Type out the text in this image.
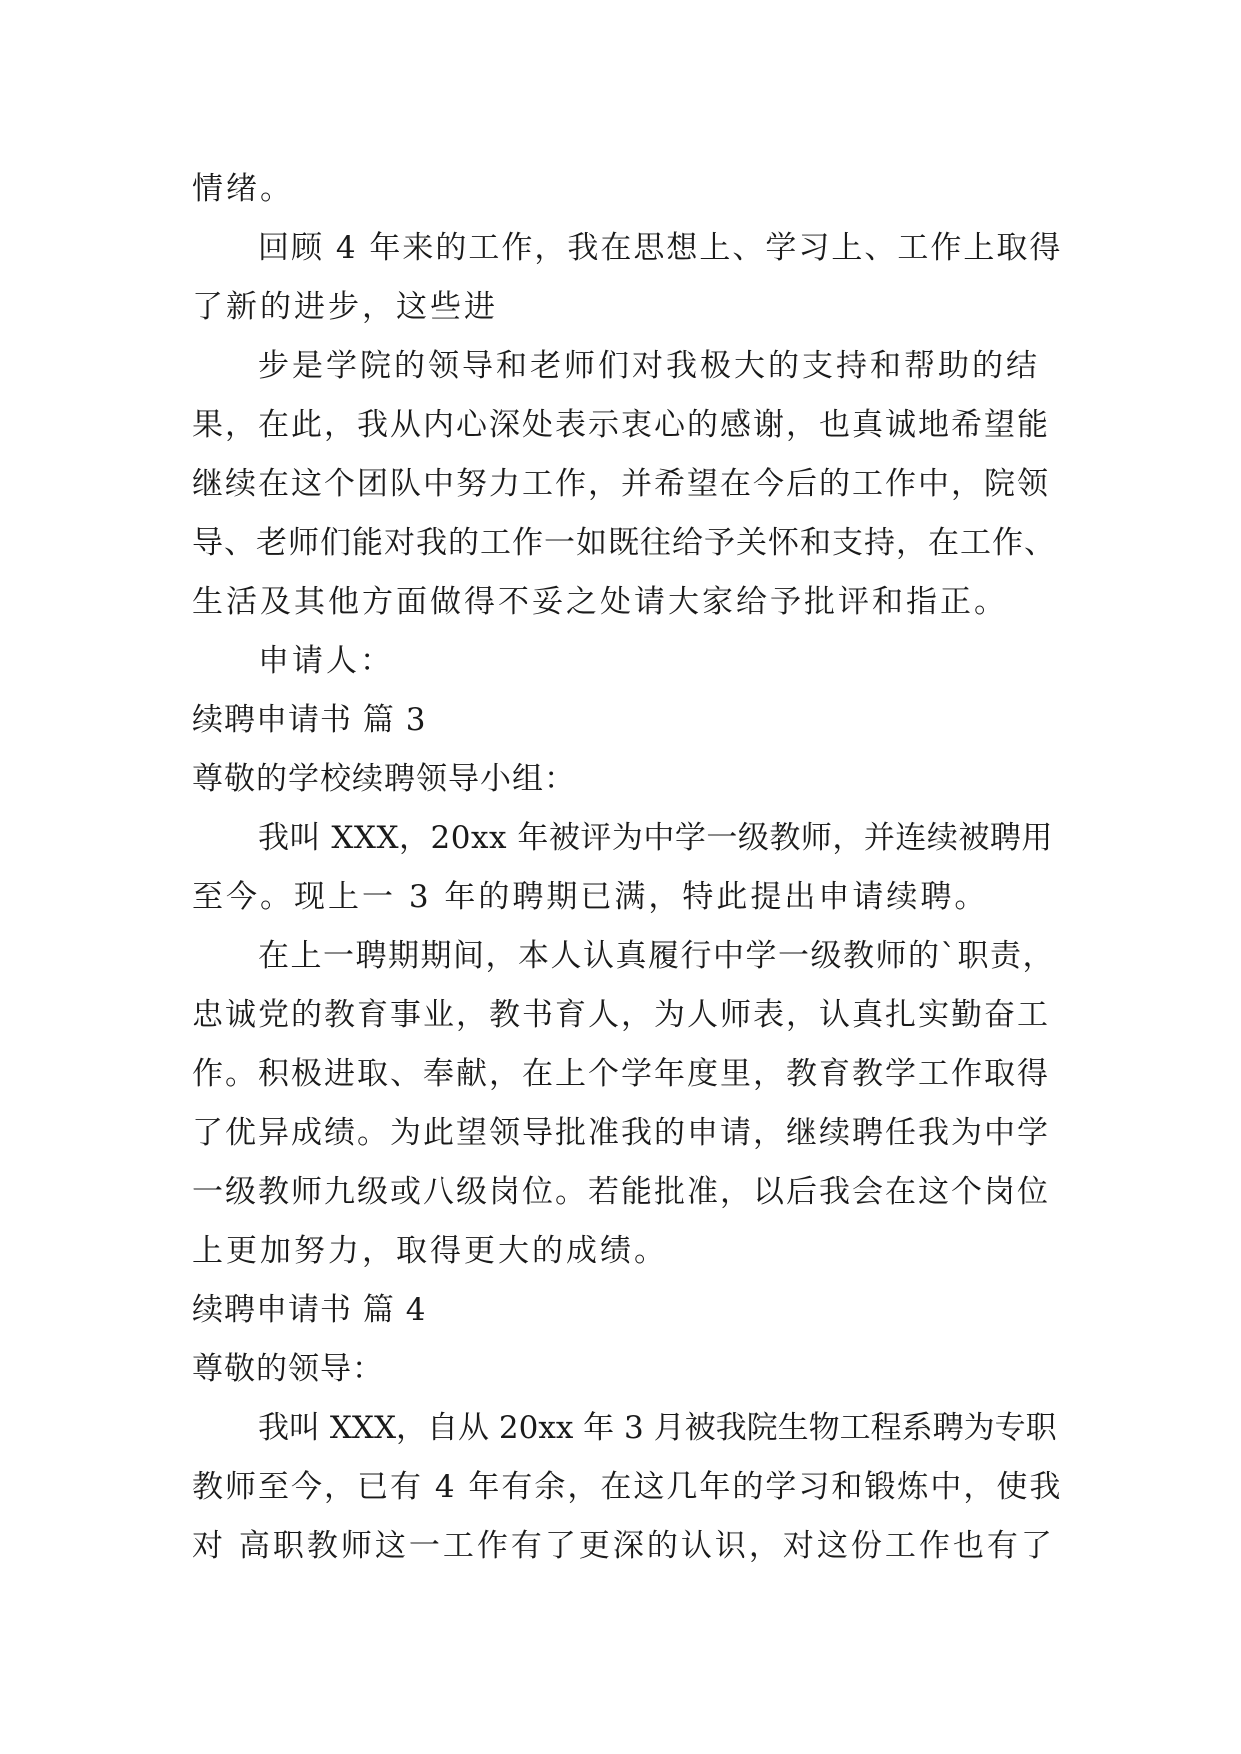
情绪。
回顾 4 年来的工作，我在思想上、学习上、工作上取得
了新的进步，这些进
步是学院的领导和老师们对我极大的支持和帮助的结
果，在此，我从内心深处表示衷心的感谢，也真诚地希望能
继续在这个团队中努力工作，并希望在今后的工作中，院领
导、老师们能对我的工作一如既往给予关怀和支持，在工作、
生活及其他方面做得不妥之处请大家给予批评和指正。
申请人：
续聘申请书 篇 3
尊敬的学校续聘领导小组：
我叫 XXX，20xx 年被评为中学一级教师，并连续被聘用
至今。现上一 3 年的聘期已满，特此提出申请续聘。
在上一聘期期间，本人认真履行中学一级教师的`职责，
忠诚党的教育事业，教书育人，为人师表，认真扎实勤奋工
作。积极进取、奉献，在上个学年度里，教育教学工作取得
了优异成绩。为此望领导批准我的申请，继续聘任我为中学
一级教师九级或八级岗位。若能批准，以后我会在这个岗位
上更加努力，取得更大的成绩。
续聘申请书 篇 4
尊敬的领导：
我叫 XXX，自从 20xx 年 3 月被我院生物工程系聘为专职
教师至今，已有 4 年有余，在这几年的学习和锻炼中，使我
对 高职教师这一工作有了更深的认识，对这份工作也有了
